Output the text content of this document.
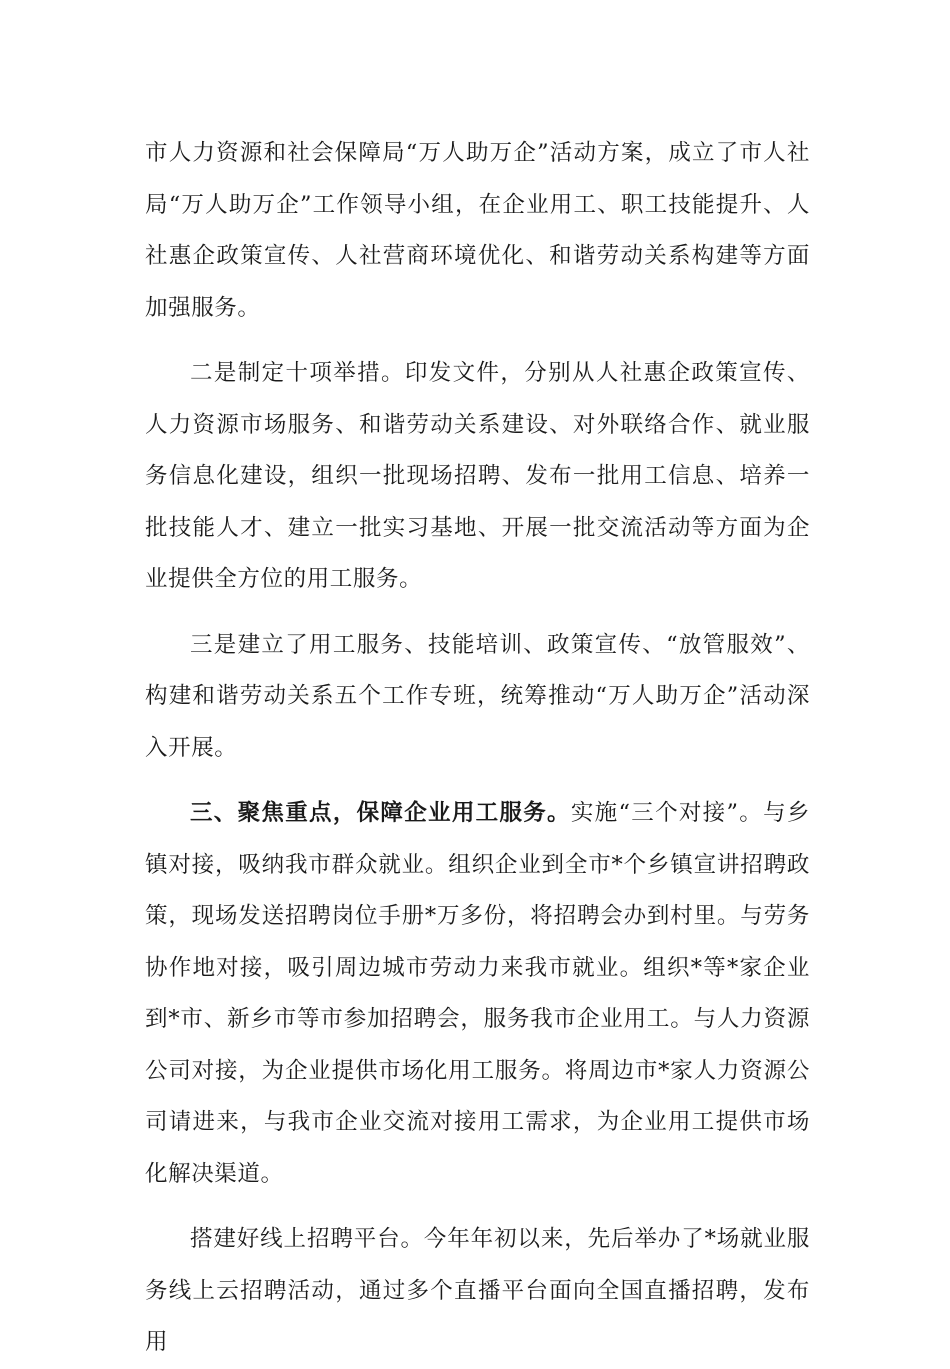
市人力资源和社会保障局“万人助万企”活动方案，成立了市人社局“万人助万企”工作领导小组，在企业用工、职工技能提升、人社惠企政策宣传、人社营商环境优化、和谐劳动关系构建等方面加强服务。

二是制定十项举措。印发文件，分别从人社惠企政策宣传、人力资源市场服务、和谐劳动关系建设、对外联络合作、就业服务信息化建设，组织一批现场招聘、发布一批用工信息、培养一批技能人才、建立一批实习基地、开展一批交流活动等方面为企业提供全方位的用工服务。

三是建立了用工服务、技能培训、政策宣传、“放管服效”、构建和谐劳动关系五个工作专班，统筹推动“万人助万企”活动深入开展。

三、聚焦重点，保障企业用工服务。实施“三个对接”。与乡镇对接，吸纳我市群众就业。组织企业到全市*个乡镇宣讲招聘政策，现场发送招聘岗位手册*万多份，将招聘会办到村里。与劳务协作地对接，吸引周边城市劳动力来我市就业。组织*等*家企业到*市、新乡市等市参加招聘会，服务我市企业用工。与人力资源公司对接，为企业提供市场化用工服务。将周边市*家人力资源公司请进来，与我市企业交流对接用工需求，为企业用工提供市场化解决渠道。

搭建好线上招聘平台。今年年初以来，先后举办了*场就业服务线上云招聘活动，通过多个直播平台面向全国直播招聘，发布用
